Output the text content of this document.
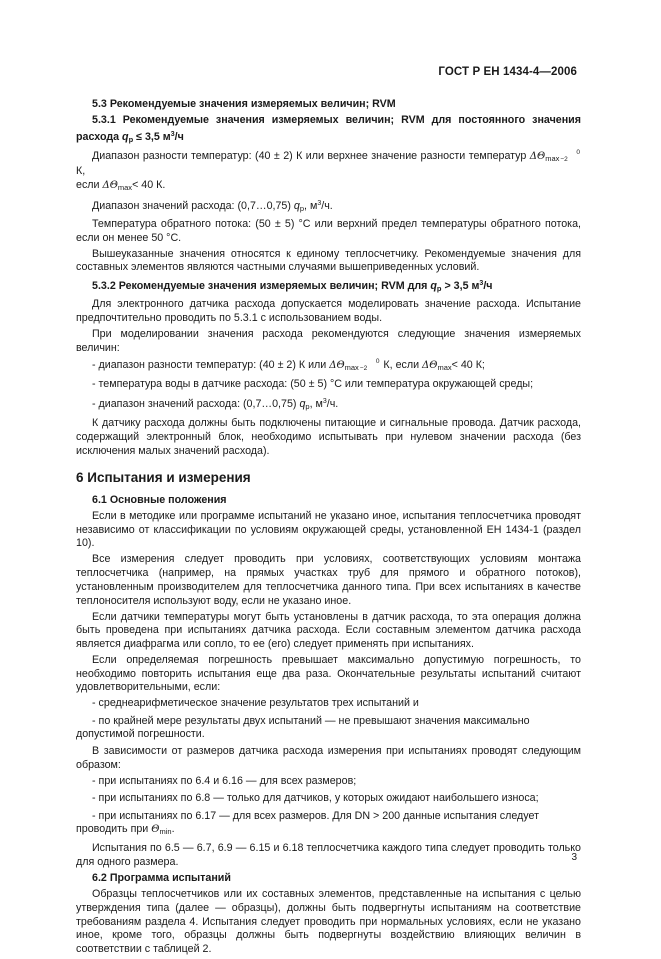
ГОСТ Р ЕН 1434-4—2006

5.3 Рекомендуемые значения измеряемых величин; RVM

5.3.1 Рекомендуемые значения измеряемых величин; RVM для постоянного значения расхода $q_p \le 3,5$ $м^3/ч$

Диапазон разности температур: (40 ± 2) К или верхнее значение разности температур $\Delta\Theta_{max}0$
−2 К,
если $\Delta\Theta_{max}< 40$ К.

Диапазон значений расхода: (0,7…0,75) $q_p$, $м^3/ч$.

Температура обратного потока: (50 ± 5) °С или верхний предел температуры обратного потока, если он менее 50 °С.

Вышеуказанные значения относятся к единому теплосчетчику. Рекомендуемые значения для составных элементов являются частными случаями вышеприведенных условий.

5.3.2 Рекомендуемые значения измеряемых величин; RVM для $q_p > 3,5$ $м^3/ч$

Для электронного датчика расхода допускается моделировать значение расхода. Испытание предпочтительно проводить по 5.3.1 с использованием воды.

При моделировании значения расхода рекомендуются следующие значения измеряемых величин:

- диапазон разности температур: (40 ± 2) К или $\Delta\Theta_{max}0$
−2 К, если $\Delta\Theta_{max}< 40$ К;

- температура воды в датчике расхода: (50 ± 5) °С или температура окружающей среды;

- диапазон значений расхода: (0,7…0,75) $q_p$, $м^3/ч$.

К датчику расхода должны быть подключены питающие и сигнальные провода. Датчик расхода, содержащий электронный блок, необходимо испытывать при нулевом значении расхода (без исключения малых значений расхода).

6 Испытания и измерения

6.1 Основные положения

Если в методике или программе испытаний не указано иное, испытания теплосчетчика проводят независимо от классификации по условиям окружающей среды, установленной ЕН 1434-1 (раздел 10).

Все измерения следует проводить при условиях, соответствующих условиям монтажа теплосчетчика (например, на прямых участках труб для прямого и обратного потоков), установленным производителем для теплосчетчика данного типа. При всех испытаниях в качестве теплоносителя используют воду, если не указано иное.

Если датчики температуры могут быть установлены в датчик расхода, то эта операция должна быть проведена при испытаниях датчика расхода. Если составным элементом датчика расхода является диафрагма или сопло, то ее (его) следует применять при испытаниях.

Если определяемая погрешность превышает максимально допустимую погрешность, то необходимо повторить испытания еще два раза. Окончательные результаты испытаний считают удовлетворительными, если:

- среднеарифметическое значение результатов трех испытаний и

- по крайней мере результаты двух испытаний — не превышают значения максимально допустимой погрешности.

В зависимости от размеров датчика расхода измерения при испытаниях проводят следующим образом:

- при испытаниях по 6.4 и 6.16 — для всех размеров;

- при испытаниях по 6.8 — только для датчиков, у которых ожидают наибольшего износа;

- при испытаниях по 6.17 — для всех размеров. Для DN > 200 данные испытания следует проводить при $\Theta_{min}$.

Испытания по 6.5 — 6.7, 6.9 — 6.15 и 6.18 теплосчетчика каждого типа следует проводить только для одного размера.

6.2 Программа испытаний

Образцы теплосчетчиков или их составных элементов, представленные на испытания с целью утверждения типа (далее — образцы), должны быть подвергнуты испытаниям на соответствие требованиям раздела 4. Испытания следует проводить при нормальных условиях, если не указано иное, кроме того, образцы должны быть подвергнуты воздействию влияющих величин в соответствии с таблицей 2.

3
